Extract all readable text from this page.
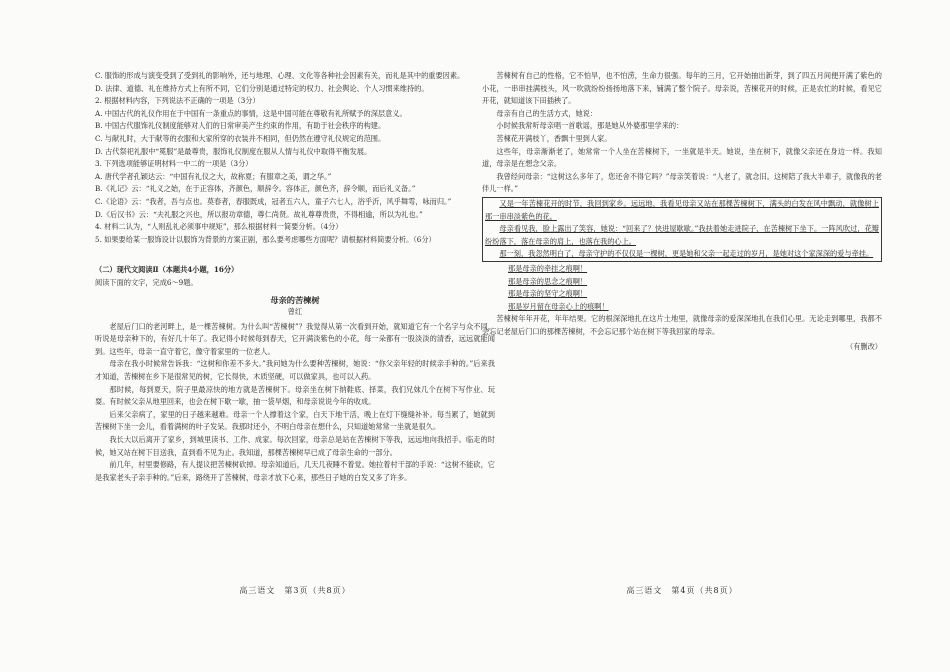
C. 服饰的形成与演变受到了受到礼的影响外，还与地理、心理、文化等各种社会因素有关，而礼是其中的重要因素。

D. 法律、道德、礼在维持方式上有所不同，它们分别是通过特定的权力、社会舆论、个人习惯来维持的。

2. 根据材料内容，下列说法不正确的一项是（3分）

A. 中国古代的礼仪作用在于中国有一条重点的事情，这是中国可能在尊敬有礼所赋予的深层意义。

B. 中国古代服饰礼仪制度能够对人们的日常审美产生约束的作用，有助于社会秩序的构建。

C. 与献礼时，大于献等的衣服和大家所穿的衣装并不相同，但仍然在遵守礼仪规定的范围。

D. 古代祭祀礼服中“冕服”是最尊贵，服饰礼仪制度在服从人情与礼仪中取得平衡发展。

3. 下列选项能够证明材料一中二的一项是（3分）

A. 唐代学者孔颖达云：“中国有礼仪之大，故称夏；有服章之美，谓之华。”

B.《礼记》云：“礼义之始，在于正容体，齐颜色，顺辞令。容体正，颜色齐，辞令顺，而后礼义备。”

C.《论语》云：“我者，吾与点也。莫春者，春服既成，冠者五六人，童子六七人，浴乎沂，风乎舞雩，咏而归。”

D.《后汉书》云：“夫礼服之兴也，所以报功章德，尊仁尚贤。故礼尊尊贵贵，不得相逾，所以为礼也。”

4. 材料二认为，“人则乱礼必须事中规矩”，那么根据材料一简要分析。（4分）

5. 如果要给某一服饰设计以服饰为背景的方案正剧，那么要考虑哪些方面呢？请根据材料简要分析。（6分）

（二）现代文阅读Ⅱ（本题共4小题，16分）

阅读下面的文字，完成6～9题。

母亲的苦楝树

曾红

老屋后门口的老河畔上，是一棵苦楝树。为什么叫“苦楝树”？我觉得从第一次看到开始，就知道它有一个名字与众不同，听说是母亲种下的，有好几十年了。我记得小时候每到春天，它开满淡紫色的小花，每一朵都有一股淡淡的清香，远远就能闻到。这些年，母亲一直守着它，像守着家里的一位老人。

母亲在我小时候常告诉我：“这树和你差不多大。”我问她为什么要种苦楝树，她说：“你父亲年轻的时候亲手种的。”后来我才知道，苦楝树在乡下是很常见的树，它长得快，木质坚硬，可以做家具，也可以入药。

那时候，每到夏天，院子里最凉快的地方就是苦楝树下。母亲坐在树下纳鞋底、择菜，我们兄妹几个在树下写作业、玩耍。有时候父亲从地里回来，也会在树下歇一歇，抽一袋旱烟，和母亲说说今年的收成。

后来父亲病了，家里的日子越来越难。母亲一个人撑着这个家，白天下地干活，晚上在灯下缝缝补补。每当累了，她就到苦楝树下坐一会儿，看着满树的叶子发呆。我那时还小，不明白母亲在想什么，只知道她常常一坐就是很久。

我长大以后离开了家乡，到城里读书、工作、成家。每次回家，母亲总是站在苦楝树下等我，远远地向我招手。临走的时候，她又站在树下目送我，直到看不见为止。我知道，那棵苦楝树早已成了母亲生命的一部分。

前几年，村里要修路，有人提议把苦楝树砍掉。母亲知道后，几天几夜睡不着觉。她拉着村干部的手说：“这树不能砍，它是我家老头子亲手种的。”后来，路绕开了苦楝树，母亲才放下心来，那些日子她的白发又多了许多。

苦楝树有自己的性格，它不怕旱，也不怕涝，生命力很强。每年的三月，它开始抽出新芽，到了四五月间便开满了紫色的小花，一串串挂满枝头，风一吹就纷纷扬扬地落下来，铺满了整个院子。母亲说，苦楝花开的时候，正是农忙的时候，看见它开花，就知道该下田插秧了。

母亲有自己的生活方式，她说：

小时候我常听母亲唱一首歌谣，那是她从外婆那里学来的：

苦楝花开满枝丫，香飘十里到人家。

这些年，母亲渐渐老了，她常常一个人坐在苦楝树下，一坐就是半天。她说，坐在树下，就像父亲还在身边一样。我知道，母亲是在想念父亲。

我曾经问母亲：“这树这么多年了，您还舍不得它吗？”母亲笑着说：“人老了，就念旧。这树陪了我大半辈子，就像我的老伴儿一样。”

又是一年苦楝花开的时节，我回到家乡。远远地，我看见母亲又站在那棵苦楝树下，满头的白发在风中飘动，就像树上那一串串淡紫色的花。

母亲看见我，脸上露出了笑容，她说：“回来了？快进屋歇歇。”我扶着她走进院子，在苦楝树下坐下。一阵风吹过，花瓣纷纷落下，落在母亲的肩上，也落在我的心上。

那一刻，我忽然明白了，母亲守护的不仅仅是一棵树，更是她和父亲一起走过的岁月，是她对这个家深深的爱与牵挂。

那是母亲的牵挂之痕啊！

那是母亲的思念之痕啊！

那是母亲的坚守之痕啊！

那是岁月留在母亲心上的痕啊！

苦楝树年年开花，年年结果。它的根深深地扎在这片土地里，就像母亲的爱深深地扎在我们心里。无论走到哪里，我都不会忘记老屋后门口的那棵苦楝树，不会忘记那个站在树下等我回家的母亲。

（有删改）

高三语文　第3页（共8页）	高三语文　第4页（共8页）
